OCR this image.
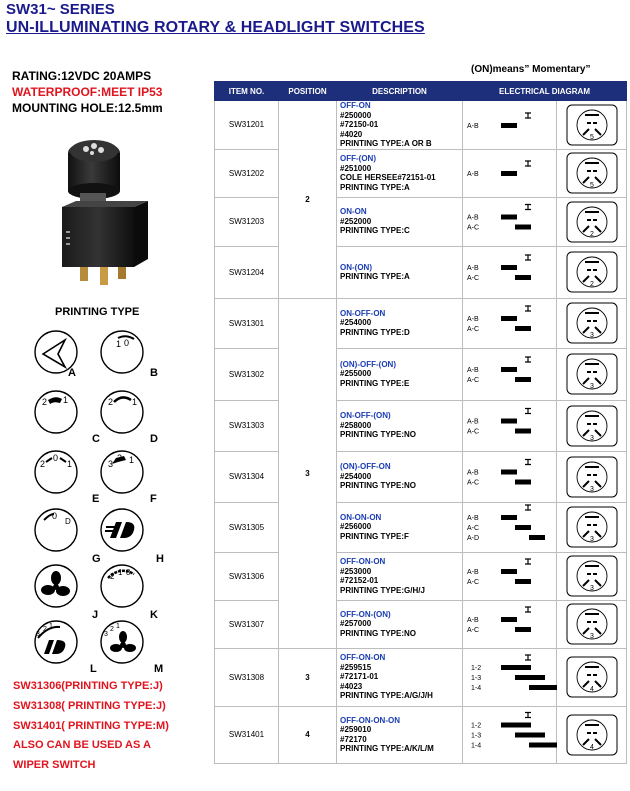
SW31~ SERIES
UN-ILLUMINATING ROTARY & HEADLIGHT SWITCHES
RATING:12VDC 20AMPS
WATERPROOF:MEET IP53
MOUNTING HOLE:12.5mm
(ON)means” Momentary”
PRINTING TYPE
A
1 0
B
2 1
C
2 1
D
2
0
1
E
3 1
F
0
D
G	H
J
2 1 0
K
3
2 1
L
3
2 1
M
SW31306(PRINTING TYPE:J)
SW31308( PRINTING TYPE:J)
SW31401( PRINTING TYPE:M)
ALSO CAN BE USED AS A
WIPER SWITCH
ITEM NO.	POSITION	DESCRIPTION	ELECTRICAL DIAGRAM	
SW31201	2	OFF-ON
#250000
#72150-01
#4020
PRINTING TYPE:A OR B	A-B	5

SW31202		OFF-(ON)
#251000
COLE HERSEE#72151-01
PRINTING TYPE:A	A-B	5

SW31203		ON-ON
#252000
PRINTING TYPE:C	A-B
A-C	2

SW31204		ON-(ON)
PRINTING TYPE:A	A-B
A-C	2

SW31301	3	ON-OFF-ON
#254000
PRINTING TYPE:D	A-B
A-C	3

SW31302		(ON)-OFF-(ON)
#255000
PRINTING TYPE:E	A-B
A-C	3

SW31303		ON-OFF-(ON)
#258000
PRINTING TYPE:NO	A-B
A-C	3

SW31304		(ON)-OFF-ON
#254000
PRINTING TYPE:NO	A-B
A-C	3

SW31305		ON-ON-ON
#256000
PRINTING TYPE:F	A-B
A-C
A-D	3

SW31306		OFF-ON-ON
#253000
#72152-01
PRINTING TYPE:G/H/J	A-B
A-C	3

SW31307		OFF-ON-(ON)
#257000
PRINTING TYPE:NO	A-B
A-C	3

SW31308	3	OFF-ON-ON
#259515
#72171-01
#4023
PRINTING TYPE:A/G/J/H	1-2
1-3
1-4	4

SW31401	4	OFF-ON-ON-ON
#259010
#72170
PRINTING TYPE:A/K/L/M	1-2
1-3
1-4	4
